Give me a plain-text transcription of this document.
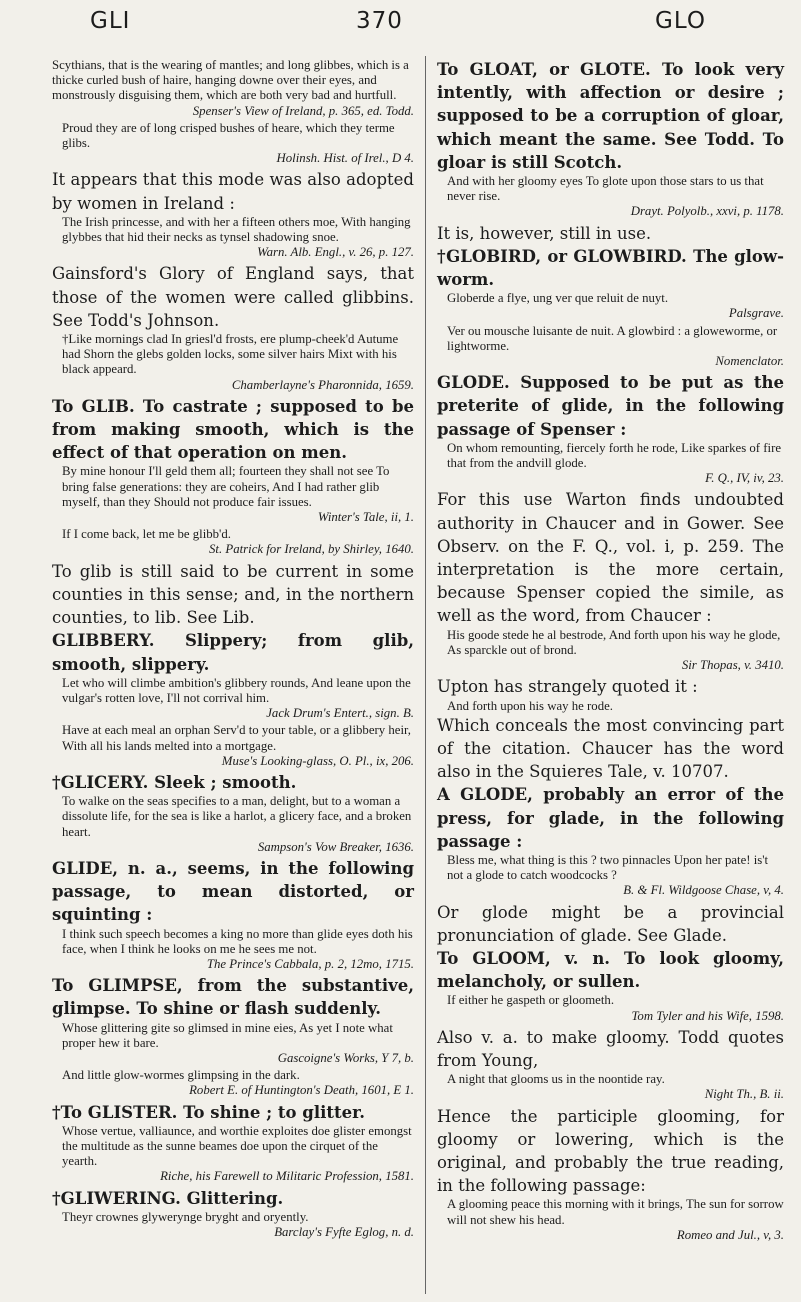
GLI	370	GLO

Scythians, that is the wearing of mantles; and long glibbes, which is a thicke curled bush of haire, hanging downe over their eyes, and monstrously disguising them, which are both very bad and hurtfull.

Spenser's View of Ireland, p. 365, ed. Todd.

Proud they are of long crisped bushes of heare, which they terme glibs.

Holinsh. Hist. of Irel., D 4.

It appears that this mode was also adopted by women in Ireland :

The Irish princesse, and with her a fifteen others moe, With hanging glybbes that hid their necks as tynsel shadowing snoe.

Warn. Alb. Engl., v. 26, p. 127.

Gainsford's Glory of England says, that those of the women were called glibbins. See Todd's Johnson.

†Like mornings clad In griesl'd frosts, ere plump-cheek'd Autume had Shorn the glebs golden locks, some silver hairs Mixt with his black appeard.

Chamberlayne's Pharonnida, 1659.

To GLIB. To castrate ; supposed to be from making smooth, which is the effect of that operation on men.

By mine honour I'll geld them all; fourteen they shall not see To bring false generations: they are coheirs, And I had rather glib myself, than they Should not produce fair issues.

Winter's Tale, ii, 1.

If I come back, let me be glibb'd.

St. Patrick for Ireland, by Shirley, 1640.

To glib is still said to be current in some counties in this sense; and, in the northern counties, to lib. See Lib.

GLIBBERY. Slippery; from glib, smooth, slippery.

Let who will climbe ambition's glibbery rounds, And leane upon the vulgar's rotten love, I'll not corrival him.

Jack Drum's Entert., sign. B.

Have at each meal an orphan Serv'd to your table, or a glibbery heir, With all his lands melted into a mortgage.

Muse's Looking-glass, O. Pl., ix, 206.

†GLICERY. Sleek ; smooth.

To walke on the seas specifies to a man, delight, but to a woman a dissolute life, for the sea is like a harlot, a glicery face, and a broken heart.

Sampson's Vow Breaker, 1636.

GLIDE, n. a., seems, in the following passage, to mean distorted, or squinting :

I think such speech becomes a king no more than glide eyes doth his face, when I think he looks on me he sees me not.

The Prince's Cabbala, p. 2, 12mo, 1715.

To GLIMPSE, from the substantive, glimpse. To shine or flash suddenly.

Whose glittering gite so glimsed in mine eies, As yet I note what proper hew it bare.

Gascoigne's Works, Y 7, b.

And little glow-wormes glimpsing in the dark.

Robert E. of Huntington's Death, 1601, E 1.

†To GLISTER. To shine ; to glitter.

Whose vertue, valliaunce, and worthie exploites doe glister emongst the multitude as the sunne beames doe upon the cirquet of the yearth.

Riche, his Farewell to Militaric Profession, 1581.

†GLIWERING. Glittering.

Theyr crownes glywerynge bryght and oryently.

Barclay's Fyfte Eglog, n. d.

To GLOAT, or GLOTE. To look very intently, with affection or desire ; supposed to be a corruption of gloar, which meant the same. See Todd. To gloar is still Scotch.

And with her gloomy eyes To glote upon those stars to us that never rise.

Drayt. Polyolb., xxvi, p. 1178.

It is, however, still in use.

†GLOBIRD, or GLOWBIRD. The glow-worm.

Globerde a flye, ung ver que reluit de nuyt.

Palsgrave.

Ver ou mousche luisante de nuit. A glowbird : a gloweworme, or lightworme.

Nomenclator.

GLODE. Supposed to be put as the preterite of glide, in the following passage of Spenser :

On whom remounting, fiercely forth he rode, Like sparkes of fire that from the andvill glode.

F. Q., IV, iv, 23.

For this use Warton finds undoubted authority in Chaucer and in Gower. See Observ. on the F. Q., vol. i, p. 259. The interpretation is the more certain, because Spenser copied the simile, as well as the word, from Chaucer :

His goode stede he al bestrode, And forth upon his way he glode, As sparckle out of brond.

Sir Thopas, v. 3410.

Upton has strangely quoted it :

And forth upon his way he rode.

Which conceals the most convincing part of the citation. Chaucer has the word also in the Squieres Tale, v. 10707.

A GLODE, probably an error of the press, for glade, in the following passage :

Bless me, what thing is this ? two pinnacles Upon her pate! is't not a glode to catch woodcocks ?

B. & Fl. Wildgoose Chase, v, 4.

Or glode might be a provincial pronunciation of glade. See Glade.

To GLOOM, v. n. To look gloomy, melancholy, or sullen.

If either he gaspeth or gloometh.

Tom Tyler and his Wife, 1598.

Also v. a. to make gloomy. Todd quotes from Young,

A night that glooms us in the noontide ray.

Night Th., B. ii.

Hence the participle glooming, for gloomy or lowering, which is the original, and probably the true reading, in the following passage:

A glooming peace this morning with it brings, The sun for sorrow will not shew his head.

Romeo and Jul., v, 3.
